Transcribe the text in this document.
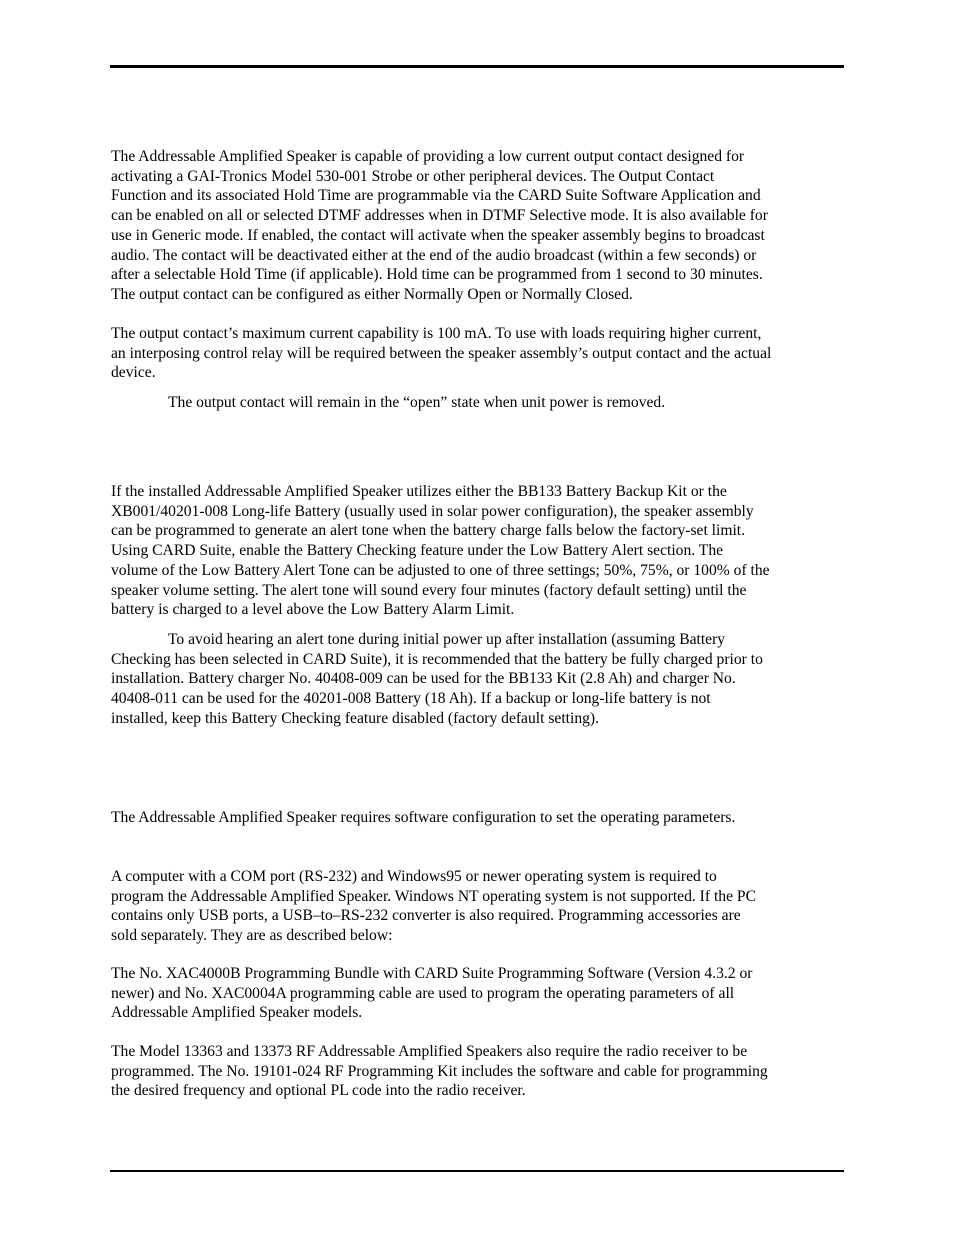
The Addressable Amplified Speaker is capable of providing a low current output contact designed for
activating a GAI-Tronics Model 530-001 Strobe or other peripheral devices. The Output Contact
Function and its associated Hold Time are programmable via the CARD Suite Software Application and
can be enabled on all or selected DTMF addresses when in DTMF Selective mode. It is also available for
use in Generic mode. If enabled, the contact will activate when the speaker assembly begins to broadcast
audio. The contact will be deactivated either at the end of the audio broadcast (within a few seconds) or
after a selectable Hold Time (if applicable). Hold time can be programmed from 1 second to 30 minutes.
The output contact can be configured as either Normally Open or Normally Closed.

The output contact’s maximum current capability is 100 mA. To use with loads requiring higher current,
an interposing control relay will be required between the speaker assembly’s output contact and the actual
device.

The output contact will remain in the “open” state when unit power is removed.

If the installed Addressable Amplified Speaker utilizes either the BB133 Battery Backup Kit or the
XB001/40201-008 Long-life Battery (usually used in solar power configuration), the speaker assembly
can be programmed to generate an alert tone when the battery charge falls below the factory-set limit.
Using CARD Suite, enable the Battery Checking feature under the Low Battery Alert section. The
volume of the Low Battery Alert Tone can be adjusted to one of three settings; 50%, 75%, or 100% of the
speaker volume setting. The alert tone will sound every four minutes (factory default setting) until the
battery is charged to a level above the Low Battery Alarm Limit.

To avoid hearing an alert tone during initial power up after installation (assuming Battery
Checking has been selected in CARD Suite), it is recommended that the battery be fully charged prior to
installation. Battery charger No. 40408-009 can be used for the BB133 Kit (2.8 Ah) and charger No.
40408-011 can be used for the 40201-008 Battery (18 Ah). If a backup or long-life battery is not
installed, keep this Battery Checking feature disabled (factory default setting).

The Addressable Amplified Speaker requires software configuration to set the operating parameters.

A computer with a COM port (RS-232) and Windows95 or newer operating system is required to
program the Addressable Amplified Speaker. Windows NT operating system is not supported. If the PC
contains only USB ports, a USB–to–RS-232 converter is also required. Programming accessories are
sold separately. They are as described below:

The No. XAC4000B Programming Bundle with CARD Suite Programming Software (Version 4.3.2 or
newer) and No. XAC0004A programming cable are used to program the operating parameters of all
Addressable Amplified Speaker models.

The Model 13363 and 13373 RF Addressable Amplified Speakers also require the radio receiver to be
programmed. The No. 19101-024 RF Programming Kit includes the software and cable for programming
the desired frequency and optional PL code into the radio receiver.
